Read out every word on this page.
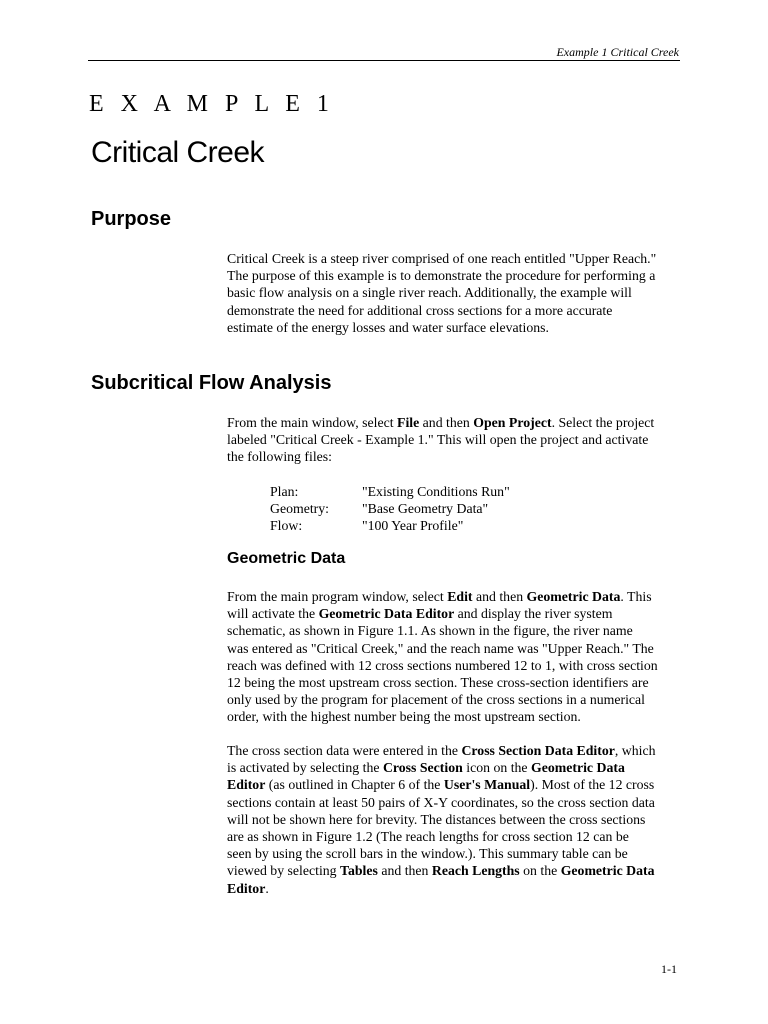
Example 1 Critical Creek
E X A M P L E 1
Critical Creek
Purpose
Critical Creek is a steep river comprised of one reach entitled "Upper Reach."
The purpose of this example is to demonstrate the procedure for performing a
basic flow analysis on a single river reach. Additionally, the example will
demonstrate the need for additional cross sections for a more accurate
estimate of the energy losses and water surface elevations.
Subcritical Flow Analysis
From the main window, select File and then Open Project. Select the project
labeled "Critical Creek - Example 1." This will open the project and activate
the following files:
Plan:	"Existing Conditions Run"
Geometry:	"Base Geometry Data"
Flow:	"100 Year Profile"
Geometric Data
From the main program window, select Edit and then Geometric Data. This
will activate the Geometric Data Editor and display the river system
schematic, as shown in Figure 1.1. As shown in the figure, the river name
was entered as "Critical Creek," and the reach name was "Upper Reach." The
reach was defined with 12 cross sections numbered 12 to 1, with cross section
12 being the most upstream cross section. These cross-section identifiers are
only used by the program for placement of the cross sections in a numerical
order, with the highest number being the most upstream section.
The cross section data were entered in the Cross Section Data Editor, which
is activated by selecting the Cross Section icon on the Geometric Data
Editor (as outlined in Chapter 6 of the User's Manual). Most of the 12 cross
sections contain at least 50 pairs of X-Y coordinates, so the cross section data
will not be shown here for brevity. The distances between the cross sections
are as shown in Figure 1.2 (The reach lengths for cross section 12 can be
seen by using the scroll bars in the window.). This summary table can be
viewed by selecting Tables and then Reach Lengths on the Geometric Data
Editor.
1-1
